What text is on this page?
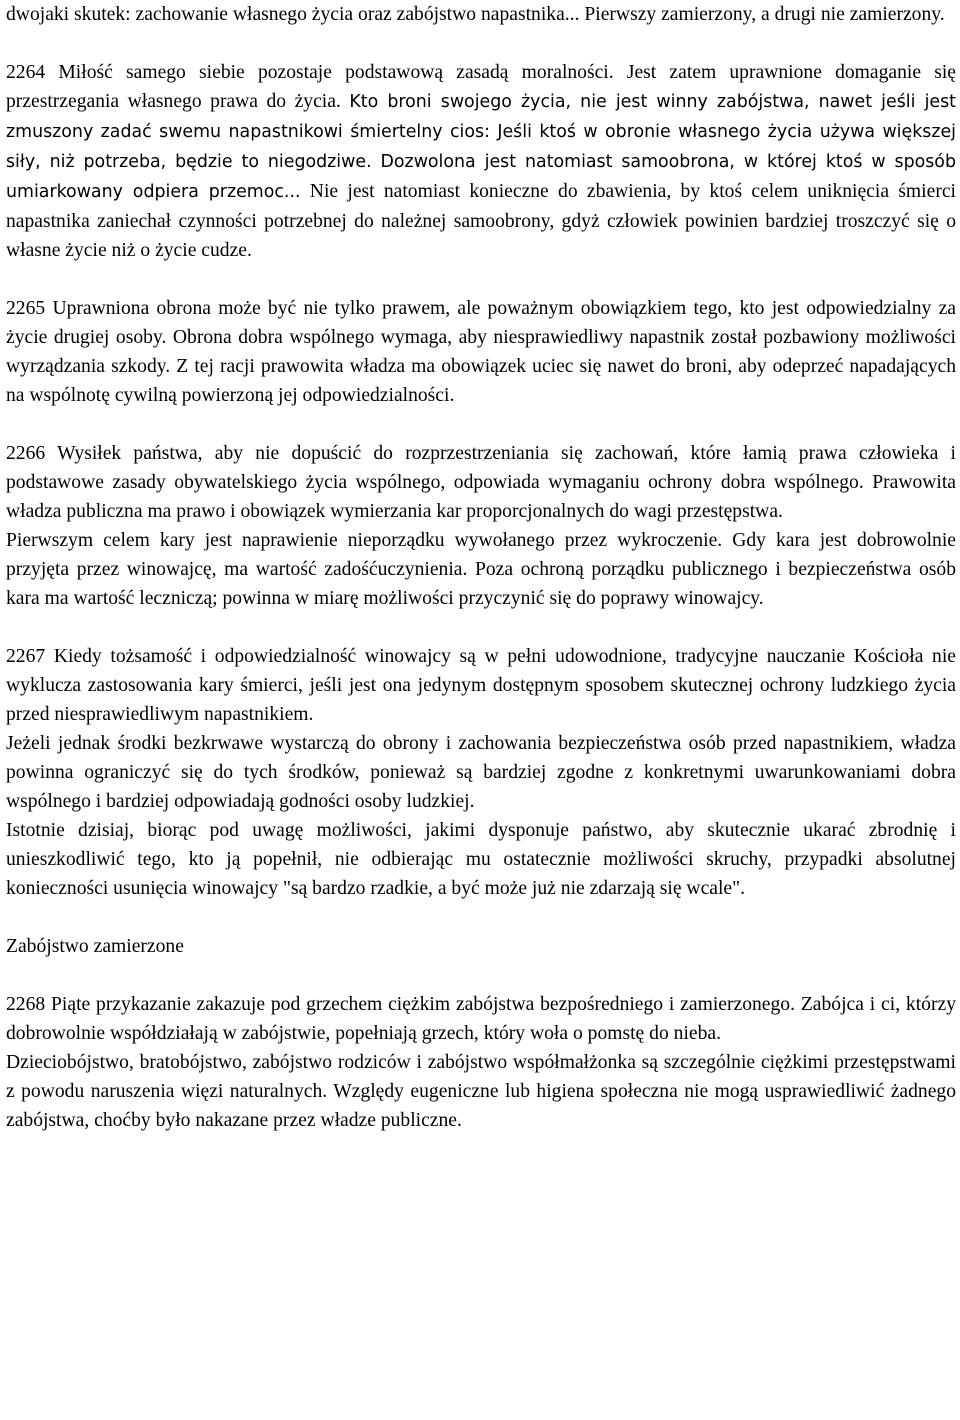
dwojaki skutek: zachowanie własnego życia oraz zabójstwo napastnika... Pierwszy zamierzony, a drugi nie zamierzony.

2264 Miłość samego siebie pozostaje podstawową zasadą moralności. Jest zatem uprawnione domaganie się przestrzegania własnego prawa do życia. Kto broni swojego życia, nie jest winny zabójstwa, nawet jeśli jest zmuszony zadać swemu napastnikowi śmiertelny cios: Jeśli ktoś w obronie własnego życia używa większej siły, niż potrzeba, będzie to niegodziwe. Dozwolona jest natomiast samoobrona, w której ktoś w sposób umiarkowany odpiera przemoc... Nie jest natomiast konieczne do zbawienia, by ktoś celem uniknięcia śmierci napastnika zaniechał czynności potrzebnej do należnej samoobrony, gdyż człowiek powinien bardziej troszczyć się o własne życie niż o życie cudze.

2265 Uprawniona obrona może być nie tylko prawem, ale poważnym obowiązkiem tego, kto jest odpowiedzialny za życie drugiej osoby. Obrona dobra wspólnego wymaga, aby niesprawiedliwy napastnik został pozbawiony możliwości wyrządzania szkody. Z tej racji prawowita władza ma obowiązek uciec się nawet do broni, aby odeprzeć napadających na wspólnotę cywilną powierzoną jej odpowiedzialności.

2266 Wysiłek państwa, aby nie dopuścić do rozprzestrzeniania się zachowań, które łamią prawa człowieka i podstawowe zasady obywatelskiego życia wspólnego, odpowiada wymaganiu ochrony dobra wspólnego. Prawowita władza publiczna ma prawo i obowiązek wymierzania kar proporcjonalnych do wagi przestępstwa.

Pierwszym celem kary jest naprawienie nieporządku wywołanego przez wykroczenie. Gdy kara jest dobrowolnie przyjęta przez winowajcę, ma wartość zadośćuczynienia. Poza ochroną porządku publicznego i bezpieczeństwa osób kara ma wartość leczniczą; powinna w miarę możliwości przyczynić się do poprawy winowajcy.

2267 Kiedy tożsamość i odpowiedzialność winowajcy są w pełni udowodnione, tradycyjne nauczanie Kościoła nie wyklucza zastosowania kary śmierci, jeśli jest ona jedynym dostępnym sposobem skutecznej ochrony ludzkiego życia przed niesprawiedliwym napastnikiem.

Jeżeli jednak środki bezkrwawe wystarczą do obrony i zachowania bezpieczeństwa osób przed napastnikiem, władza powinna ograniczyć się do tych środków, ponieważ są bardziej zgodne z konkretnymi uwarunkowaniami dobra wspólnego i bardziej odpowiadają godności osoby ludzkiej.

Istotnie dzisiaj, biorąc pod uwagę możliwości, jakimi dysponuje państwo, aby skutecznie ukarać zbrodnię i unieszkodliwić tego, kto ją popełnił, nie odbierając mu ostatecznie możliwości skruchy, przypadki absolutnej konieczności usunięcia winowajcy "są bardzo rzadkie, a być może już nie zdarzają się wcale".

Zabójstwo zamierzone

2268 Piąte przykazanie zakazuje pod grzechem ciężkim zabójstwa bezpośredniego i zamierzonego. Zabójca i ci, którzy dobrowolnie współdziałają w zabójstwie, popełniają grzech, który woła o pomstę do nieba.

Dzieciobójstwo, bratobójstwo, zabójstwo rodziców i zabójstwo współmałżonka są szczególnie ciężkimi przestępstwami z powodu naruszenia więzi naturalnych. Względy eugeniczne lub higiena społeczna nie mogą usprawiedliwić żadnego zabójstwa, choćby było nakazane przez władze publiczne.
